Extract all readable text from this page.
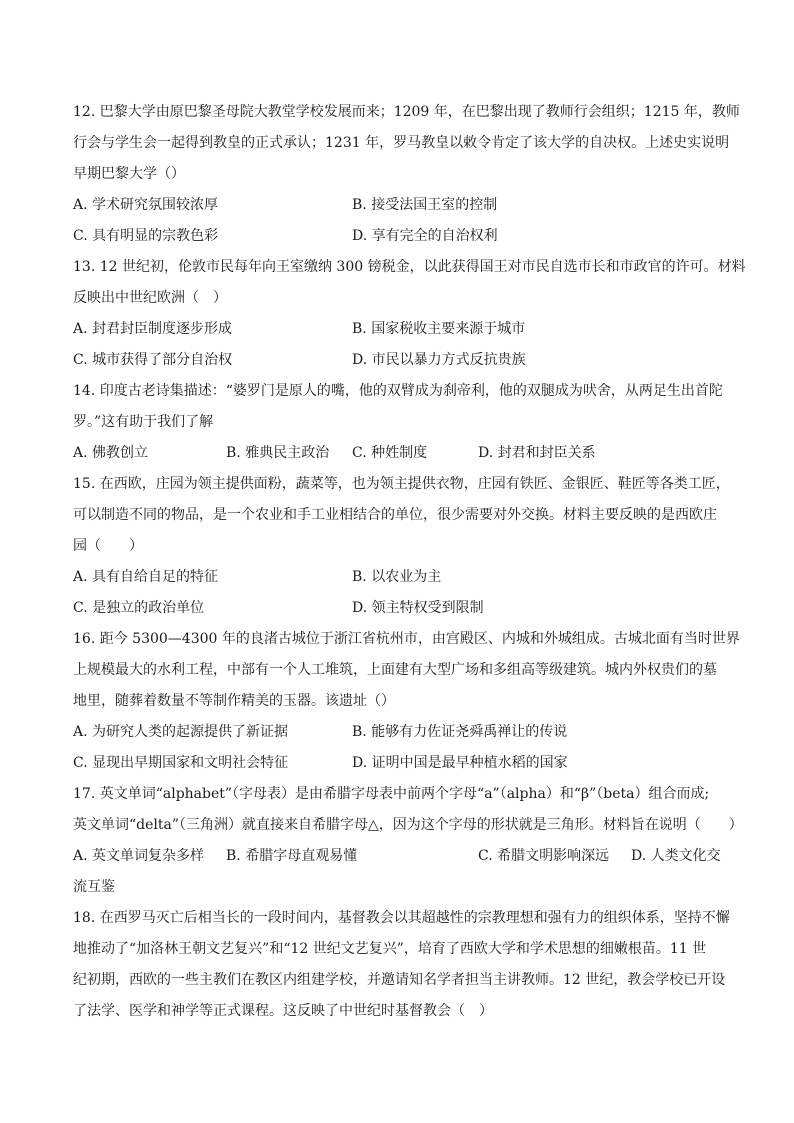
12. 巴黎大学由原巴黎圣母院大教堂学校发展而来；1209 年，在巴黎出现了教师行会组织；1215 年，教师
行会与学生会一起得到教皇的正式承认；1231 年，罗马教皇以敕令肯定了该大学的自决权。上述史实说明
早期巴黎大学（）
A. 学术研究氛围较浓厚	B. 接受法国王室的控制
C. 具有明显的宗教色彩	D. 享有完全的自治权利
13. 12 世纪初，伦敦市民每年向王室缴纳 300 镑税金，以此获得国王对市民自选市长和市政官的许可。材料
反映出中世纪欧洲（　）
A. 封君封臣制度逐步形成	B. 国家税收主要来源于城市
C. 城市获得了部分自治权	D. 市民以暴力方式反抗贵族
14. 印度古老诗集描述：“婆罗门是原人的嘴，他的双臂成为刹帝利，他的双腿成为吠舍，从两足生出首陀
罗。”这有助于我们了解
A. 佛教创立	B. 雅典民主政治 C. 种姓制度	D. 封君和封臣关系
15. 在西欧，庄园为领主提供面粉，蔬菜等，也为领主提供衣物，庄园有铁匠、金银匠、鞋匠等各类工匠，
可以制造不同的物品，是一个农业和手工业相结合的单位，很少需要对外交换。材料主要反映的是西欧庄
园（　　）
A. 具有自给自足的特征	B. 以农业为主
C. 是独立的政治单位	D. 领主特权受到限制
16. 距今 5300—4300 年的良渚古城位于浙江省杭州市，由宫殿区、内城和外城组成。古城北面有当时世界
上规模最大的水利工程，中部有一个人工堆筑，上面建有大型广场和多组高等级建筑。城内外权贵们的墓
地里，随葬着数量不等制作精美的玉器。该遗址（）
A. 为研究人类的起源提供了新证据	B. 能够有力佐证尧舜禹禅让的传说
C. 显现出早期国家和文明社会特征	D. 证明中国是最早种植水稻的国家
17. 英文单词“alphabet”（字母表）是由希腊字母表中前两个字母“a”（alpha）和“β”（beta）组合而成;
英文单词“delta”（三角洲）就直接来自希腊字母△，因为这个字母的形状就是三角形。材料旨在说明（　　）
A. 英文单词复杂多样 B. 希腊字母直观易懂	C. 希腊文明影响深远 D. 人类文化交
流互鉴
18. 在西罗马灭亡后相当长的一段时间内，基督教会以其超越性的宗教理想和强有力的组织体系，坚持不懈
地推动了“加洛林王朝文艺复兴”和“12 世纪文艺复兴”，培育了西欧大学和学术思想的细嫩根苗。11 世
纪初期，西欧的一些主教们在教区内组建学校，并邀请知名学者担当主讲教师。12 世纪，教会学校已开设
了法学、医学和神学等正式课程。这反映了中世纪时基督教会（　）
